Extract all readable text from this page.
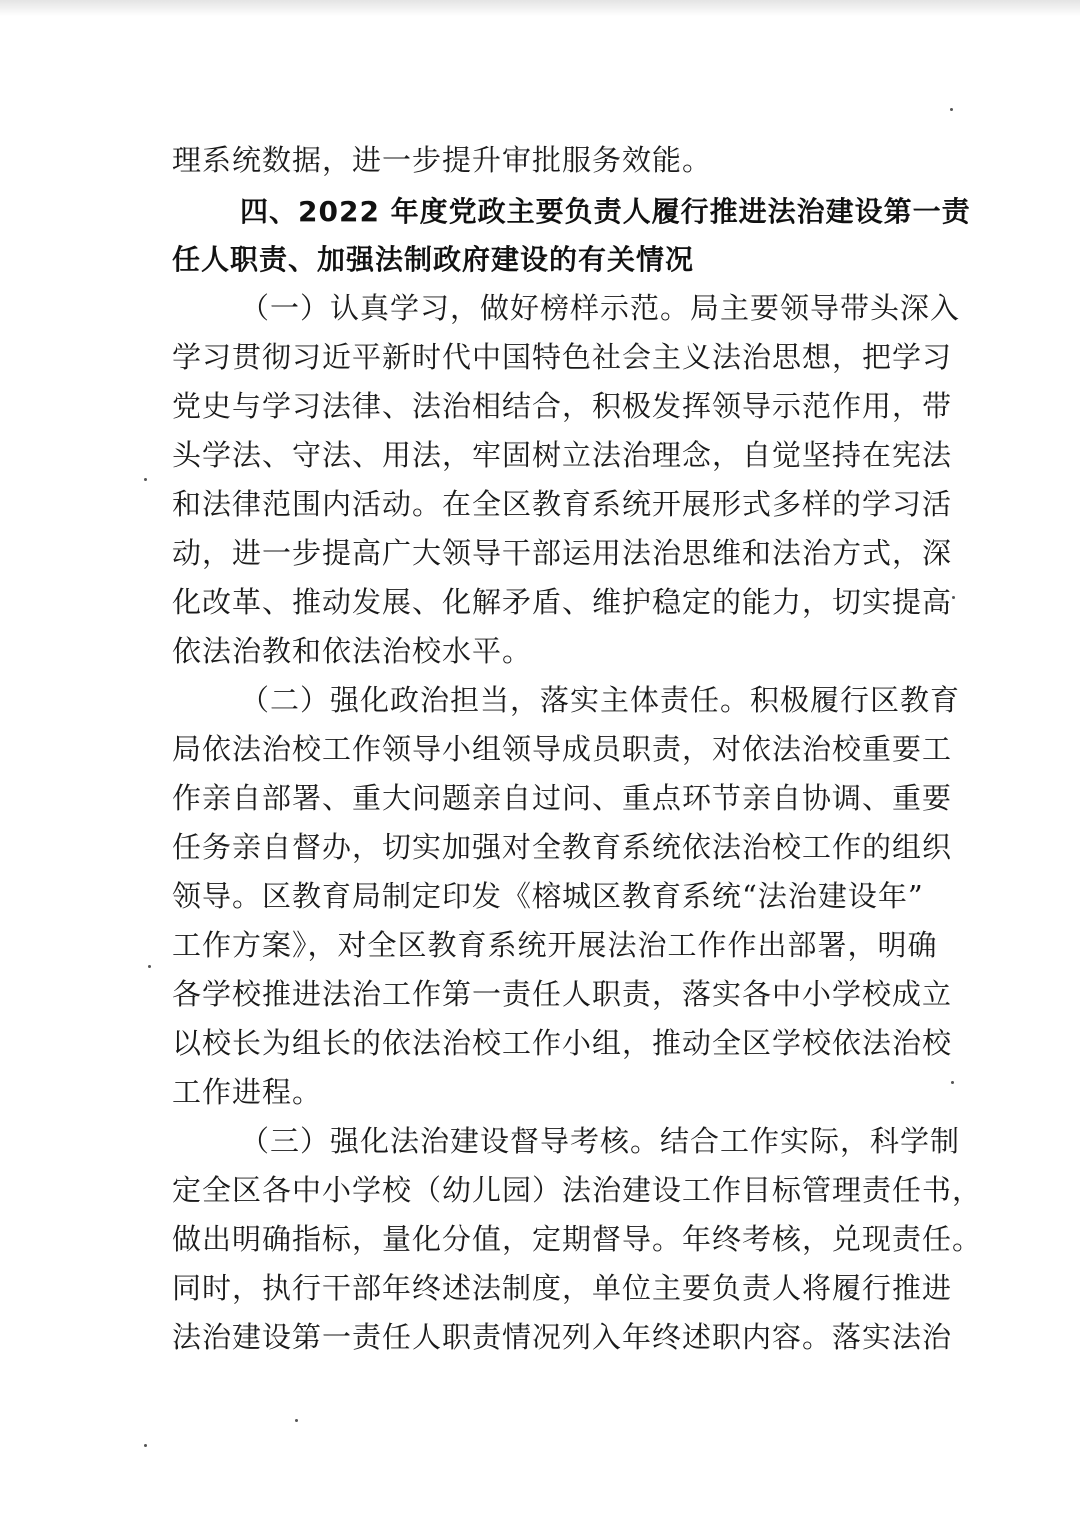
理系统数据，进一步提升审批服务效能。
四、2022 年度党政主要负责人履行推进法治建设第一责
任人职责、加强法制政府建设的有关情况
（一）认真学习，做好榜样示范。局主要领导带头深入
学习贯彻习近平新时代中国特色社会主义法治思想，把学习
党史与学习法律、法治相结合，积极发挥领导示范作用，带
头学法、守法、用法，牢固树立法治理念，自觉坚持在宪法
和法律范围内活动。在全区教育系统开展形式多样的学习活
动，进一步提高广大领导干部运用法治思维和法治方式，深
化改革、推动发展、化解矛盾、维护稳定的能力，切实提高
依法治教和依法治校水平。
（二）强化政治担当，落实主体责任。积极履行区教育
局依法治校工作领导小组领导成员职责，对依法治校重要工
作亲自部署、重大问题亲自过问、重点环节亲自协调、重要
任务亲自督办，切实加强对全教育系统依法治校工作的组织
领导。区教育局制定印发《榕城区教育系统“法治建设年”
工作方案》，对全区教育系统开展法治工作作出部署，明确
各学校推进法治工作第一责任人职责，落实各中小学校成立
以校长为组长的依法治校工作小组，推动全区学校依法治校
工作进程。
（三）强化法治建设督导考核。结合工作实际，科学制
定全区各中小学校（幼儿园）法治建设工作目标管理责任书，
做出明确指标，量化分值，定期督导。年终考核，兑现责任。
同时，执行干部年终述法制度，单位主要负责人将履行推进
法治建设第一责任人职责情况列入年终述职内容。落实法治
